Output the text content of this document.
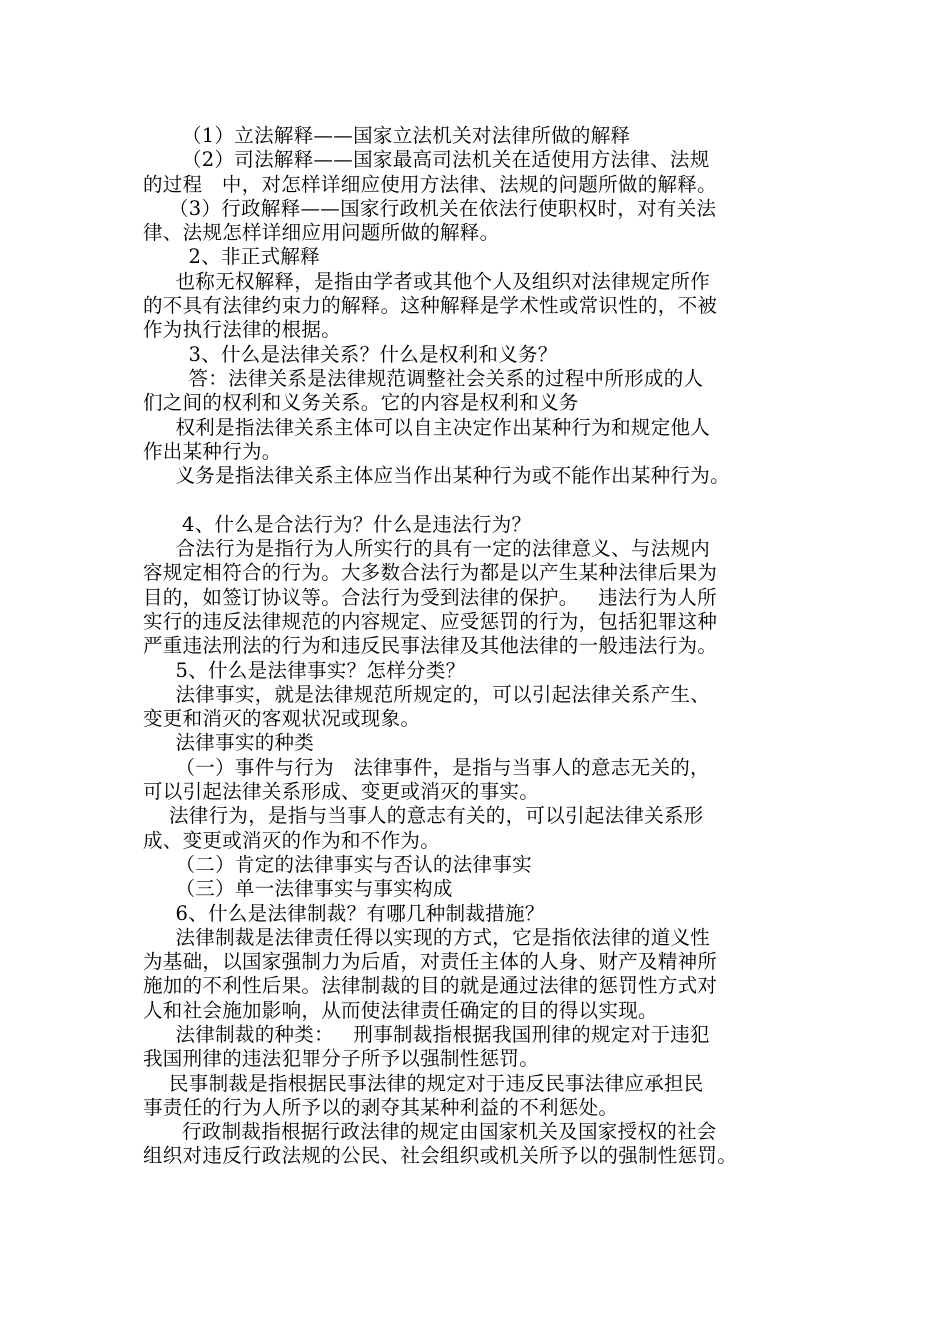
（1）立法解释——国家立法机关对法律所做的解释
（2）司法解释——国家最高司法机关在适使用方法律、法规
的过程   中，对怎样详细应使用方法律、法规的问题所做的解释。
（3）行政解释——国家行政机关在依法行使职权时，对有关法
律、法规怎样详细应用问题所做的解释。
2、非正式解释
也称无权解释，是指由学者或其他个人及组织对法律规定所作
的不具有法律约束力的解释。这种解释是学术性或常识性的，不被
作为执行法律的根据。
3、什么是法律关系？什么是权利和义务？
答：法律关系是法律规范调整社会关系的过程中所形成的人
们之间的权利和义务关系。它的内容是权利和义务
权利是指法律关系主体可以自主决定作出某种行为和规定他人
作出某种行为。
义务是指法律关系主体应当作出某种行为或不能作出某种行为。
4、什么是合法行为？什么是违法行为？
合法行为是指行为人所实行的具有一定的法律意义、与法规内
容规定相符合的行为。大多数合法行为都是以产生某种法律后果为
目的，如签订协议等。合法行为受到法律的保护。   违法行为人所
实行的违反法律规范的内容规定、应受惩罚的行为，包括犯罪这种
严重违法刑法的行为和违反民事法律及其他法律的一般违法行为。
5、什么是法律事实？怎样分类？
法律事实，就是法律规范所规定的，可以引起法律关系产生、
变更和消灭的客观状况或现象。
法律事实的种类
（一）事件与行为   法律事件，是指与当事人的意志无关的，
可以引起法律关系形成、变更或消灭的事实。
法律行为，是指与当事人的意志有关的，可以引起法律关系形
成、变更或消灭的作为和不作为。
（二）肯定的法律事实与否认的法律事实
（三）单一法律事实与事实构成
6、什么是法律制裁？有哪几种制裁措施？
法律制裁是法律责任得以实现的方式，它是指依法律的道义性
为基础，以国家强制力为后盾，对责任主体的人身、财产及精神所
施加的不利性后果。法律制裁的目的就是通过法律的惩罚性方式对
人和社会施加影响，从而使法律责任确定的目的得以实现。
法律制裁的种类：   刑事制裁指根据我国刑律的规定对于违犯
我国刑律的违法犯罪分子所予以强制性惩罚。
民事制裁是指根据民事法律的规定对于违反民事法律应承担民
事责任的行为人所予以的剥夺其某种利益的不利惩处。
行政制裁指根据行政法律的规定由国家机关及国家授权的社会
组织对违反行政法规的公民、社会组织或机关所予以的强制性惩罚。
